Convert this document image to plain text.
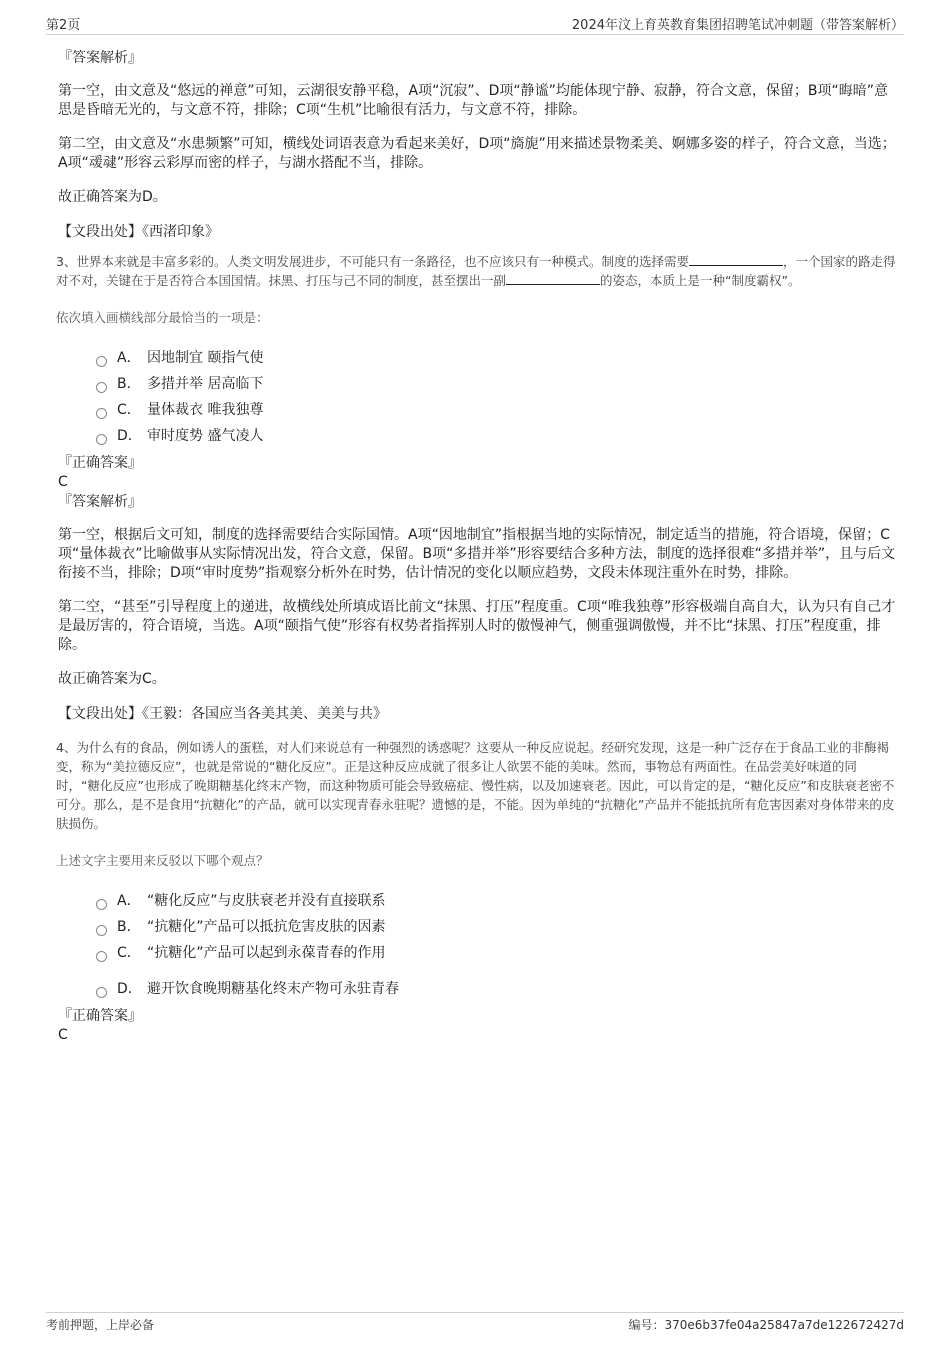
第2页	2024年汶上育英教育集团招聘笔试冲刺题（带答案解析）
『答案解析』

第一空，由文意及“悠远的禅意”可知，云湖很安静平稳，A项“沉寂”、D项“静谧”均能体现宁静、寂静，符合文意，保留；B项“晦暗”意思是昏暗无光的，与文意不符，排除；C项“生机”比喻很有活力，与文意不符，排除。

第二空，由文意及“水患频繁”可知，横线处词语表意为看起来美好，D项“旖旎”用来描述景物柔美、婀娜多姿的样子，符合文意，当选；A项“叆叇”形容云彩厚而密的样子，与湖水搭配不当，排除。

故正确答案为D。

【文段出处】《西渚印象》
3、世界本来就是丰富多彩的。人类文明发展进步，不可能只有一条路径，也不应该只有一种模式。制度的选择需要	，一个国家的路走得对不对，关键在于是否符合本国国情。抹黑、打压与己不同的制度，甚至摆出一副	的姿态，本质上是一种“制度霸权”。
依次填入画横线部分最恰当的一项是：
A． 因地制宜 颐指气使
B． 多措并举 居高临下
C． 量体裁衣 唯我独尊
D． 审时度势 盛气凌人
『正确答案』
C
『答案解析』

第一空，根据后文可知，制度的选择需要结合实际国情。A项“因地制宜”指根据当地的实际情况，制定适当的措施，符合语境，保留；C项“量体裁衣”比喻做事从实际情况出发，符合文意，保留。B项“多措并举”形容要结合多种方法，制度的选择很难“多措并举”，且与后文衔接不当，排除；D项“审时度势”指观察分析外在时势，估计情况的变化以顺应趋势，文段未体现注重外在时势，排除。

第二空，“甚至”引导程度上的递进，故横线处所填成语比前文“抹黑、打压”程度重。C项“唯我独尊”形容极端自高自大，认为只有自己才是最厉害的，符合语境，当选。A项“颐指气使”形容有权势者指挥别人时的傲慢神气，侧重强调傲慢，并不比“抹黑、打压”程度重，排除。

故正确答案为C。

【文段出处】《王毅：各国应当各美其美、美美与共》
4、为什么有的食品，例如诱人的蛋糕，对人们来说总有一种强烈的诱惑呢？这要从一种反应说起。经研究发现，这是一种广泛存在于食品工业的非酶褐变，称为“美拉德反应”，也就是常说的“糖化反应”。正是这种反应成就了很多让人欲罢不能的美味。然而，事物总有两面性。在品尝美好味道的同时，“糖化反应”也形成了晚期糖基化终末产物，而这种物质可能会导致癌症、慢性病，以及加速衰老。因此，可以肯定的是，“糖化反应”和皮肤衰老密不可分。那么，是不是食用“抗糖化”的产品，就可以实现青春永驻呢？遗憾的是，不能。因为单纯的“抗糖化”产品并不能抵抗所有危害因素对身体带来的皮肤损伤。
上述文字主要用来反驳以下哪个观点？
A． “糖化反应”与皮肤衰老并没有直接联系
B． “抗糖化”产品可以抵抗危害皮肤的因素
C． “抗糖化”产品可以起到永葆青春的作用
D． 避开饮食晚期糖基化终末产物可永驻青春
『正确答案』
C
考前押题，上岸必备	编号：370e6b37fe04a25847a7de122672427d
